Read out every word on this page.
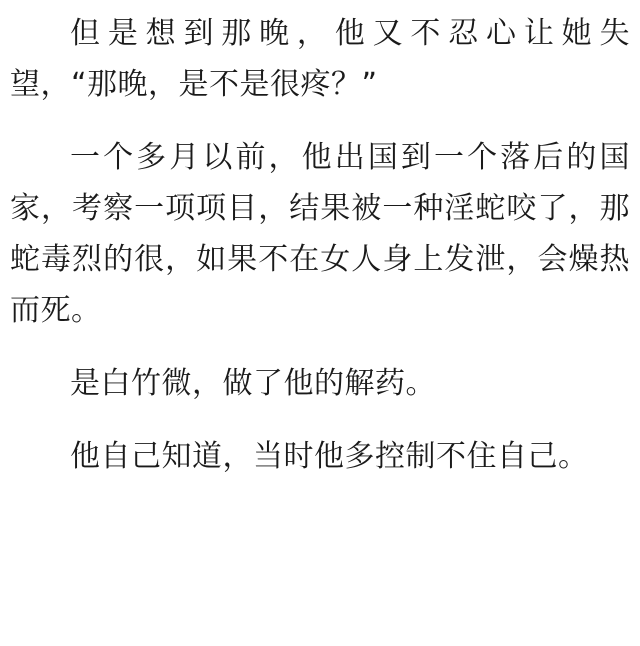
但是想到那晚，他又不忍心让她失望，“那晚，是不是很疼？”

一个多月以前，他出国到一个落后的国家，考察一项项目，结果被一种淫蛇咬了，那蛇毒烈的很，如果不在女人身上发泄，会燥热而死。

是白竹微，做了他的解药。

他自己知道，当时他多控制不住自己。
